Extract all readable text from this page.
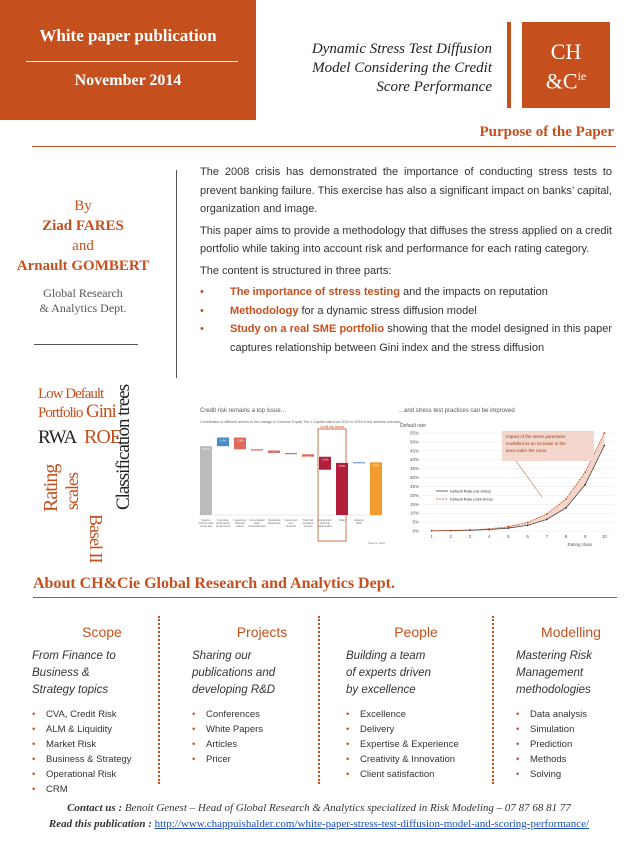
White paper publication
November 2014
Dynamic Stress Test Diffusion
Model Considering the Credit
Score Performance
CH
$\&C^{ie}$
Purpose of the Paper
By
Ziad FARES
and
Arnault GOMBERT
Global Research
& Analytics Dept.

The 2008 crisis has demonstrated the importance of conducting stress tests to prevent banking failure. This exercise has also a significant impact on banks’ capital, organization and image.

This paper aims to provide a methodology that diffuses the stress applied on a credit portfolio while taking into account risk and performance for each rating category.

The content is structured in three parts:

• The importance of stress testing and the impacts on reputation
• Methodology for a dynamic stress diffusion model
• Study on a real SME portfolio showing that the model designed in this paper captures relationship between Gini index and the stress diffusion
Low Default
Portfolio Gini
RWA ROE
Rating scales
Basel II
Classification trees	Credit risk remains a top issue…
Contribution of different drivers to the change in Common Equity Tier 1 Capital ratio from 2013 to 2016 in the adverse scenario
Credit risk impact
11.1%
1.4%	-1.9%
-0.2%	-0.4%
-0.2%	-0.4%
-2.1%
8.4%	0.1%	8.5%
Starting
2013 fin ratio
stress test
Operating
profit before
impairments
Impairment
financial
assets
Accumulated
other
comprehensive
Transitional
adjustment
Impairment
non-
financial
Total risk
exposure
amount
Impairment
financial
assets after
Other	Adverse
2016
Source: EBA
…and stress test practices can be improved
Default rate
0%
5%
10%
15%
20%
25%
30%
35%
40%
45%
50%
55%
1	2	3	4	5	6	7	8	9	10
Impact of the stress parameter
modelled as an increase in the
area under the curve
Default Rate pre-stress
Default Rate post-stress
Rating class
About CH&Cie Global Research and Analytics Dept.
Scope
From Finance to
Business &
Strategy topics
• CVA, Credit Risk
• ALM & Liquidity
• Market Risk
• Business & Strategy
• Operational Risk
• CRM
Projects
Sharing our
publications and
developing R&D
• Conferences
• White Papers
• Articles
• Pricer
People
Building a team
of experts driven
by excellence
• Excellence
• Delivery
• Expertise & Experience
• Creativity & Innovation
• Client satisfaction
Modelling
Mastering Risk
Management
methodologies
• Data analysis
• Simulation
• Prediction
• Methods
• Solving
Contact us : Benoit Genest – Head of Global Research & Analytics specialized in Risk Modeling – 07 87 68 81 77
Read this publication : http://www.chappuishalder.com/white-paper-stress-test-diffusion-model-and-scoring-performance/
